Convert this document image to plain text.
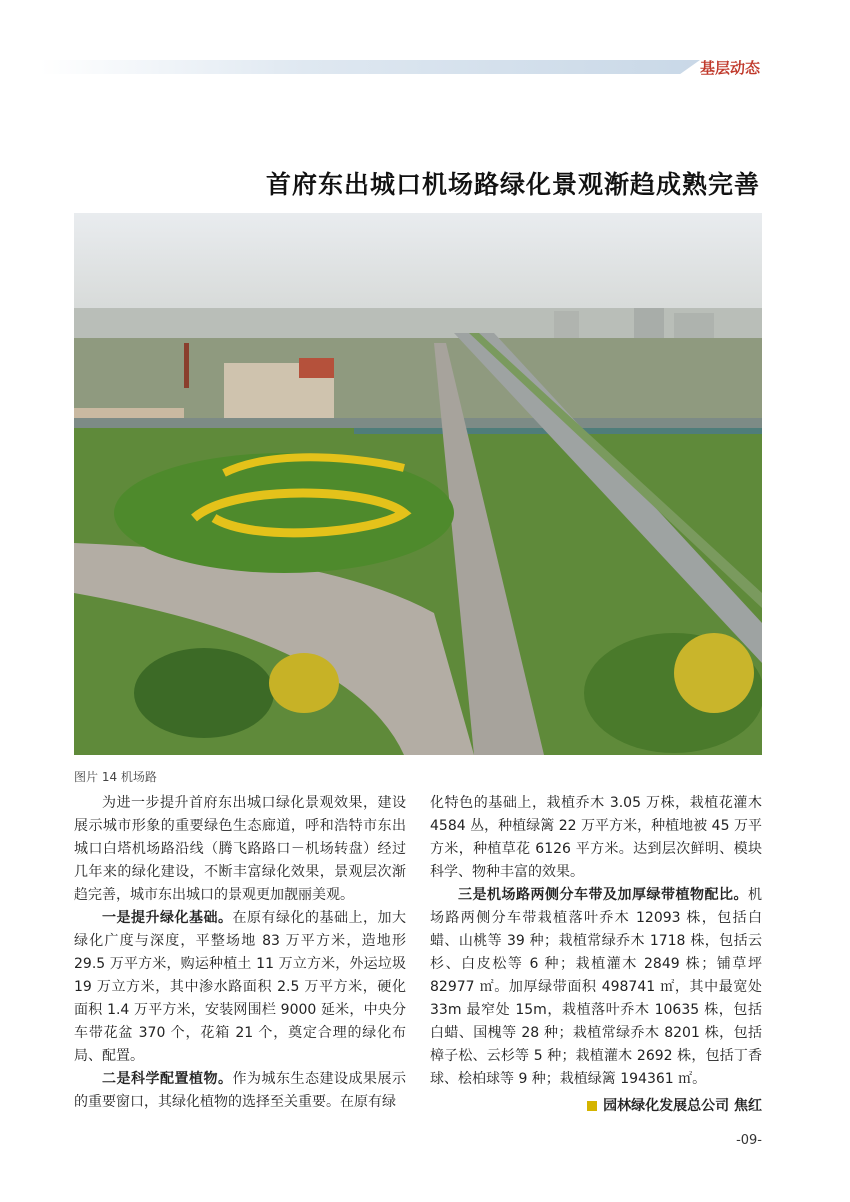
基层动态
首府东出城口机场路绿化景观渐趋成熟完善
图片 14 机场路

为进一步提升首府东出城口绿化景观效果，建设展示城市形象的重要绿色生态廊道，呼和浩特市东出城口白塔机场路沿线（腾飞路路口－机场转盘）经过几年来的绿化建设，不断丰富绿化效果，景观层次渐趋完善，城市东出城口的景观更加靓丽美观。

一是提升绿化基础。在原有绿化的基础上，加大绿化广度与深度，平整场地 83 万平方米，造地形 29.5 万平方米，购运种植土 11 万立方米，外运垃圾 19 万立方米，其中渗水路面积 2.5 万平方米，硬化面积 1.4 万平方米，安装网围栏 9000 延米，中央分车带花盆 370 个，花箱 21 个，奠定合理的绿化布局、配置。

二是科学配置植物。作为城东生态建设成果展示的重要窗口，其绿化植物的选择至关重要。在原有绿

化特色的基础上，栽植乔木 3.05 万株，栽植花灌木 4584 丛，种植绿篱 22 万平方米，种植地被 45 万平方米，种植草花 6126 平方米。达到层次鲜明、模块科学、物种丰富的效果。

三是机场路两侧分车带及加厚绿带植物配比。机场路两侧分车带栽植落叶乔木 12093 株，包括白蜡、山桃等 39 种；栽植常绿乔木 1718 株，包括云杉、白皮松等 6 种；栽植灌木 2849 株；铺草坪 82977 ㎡。加厚绿带面积 498741 ㎡，其中最宽处 33m 最窄处 15m，栽植落叶乔木 10635 株，包括白蜡、国槐等 28 种；栽植常绿乔木 8201 株，包括樟子松、云杉等 5 种；栽植灌木 2692 株，包括丁香球、桧柏球等 9 种；栽植绿篱 194361 ㎡。

园林绿化发展总公司 焦红
-09-
